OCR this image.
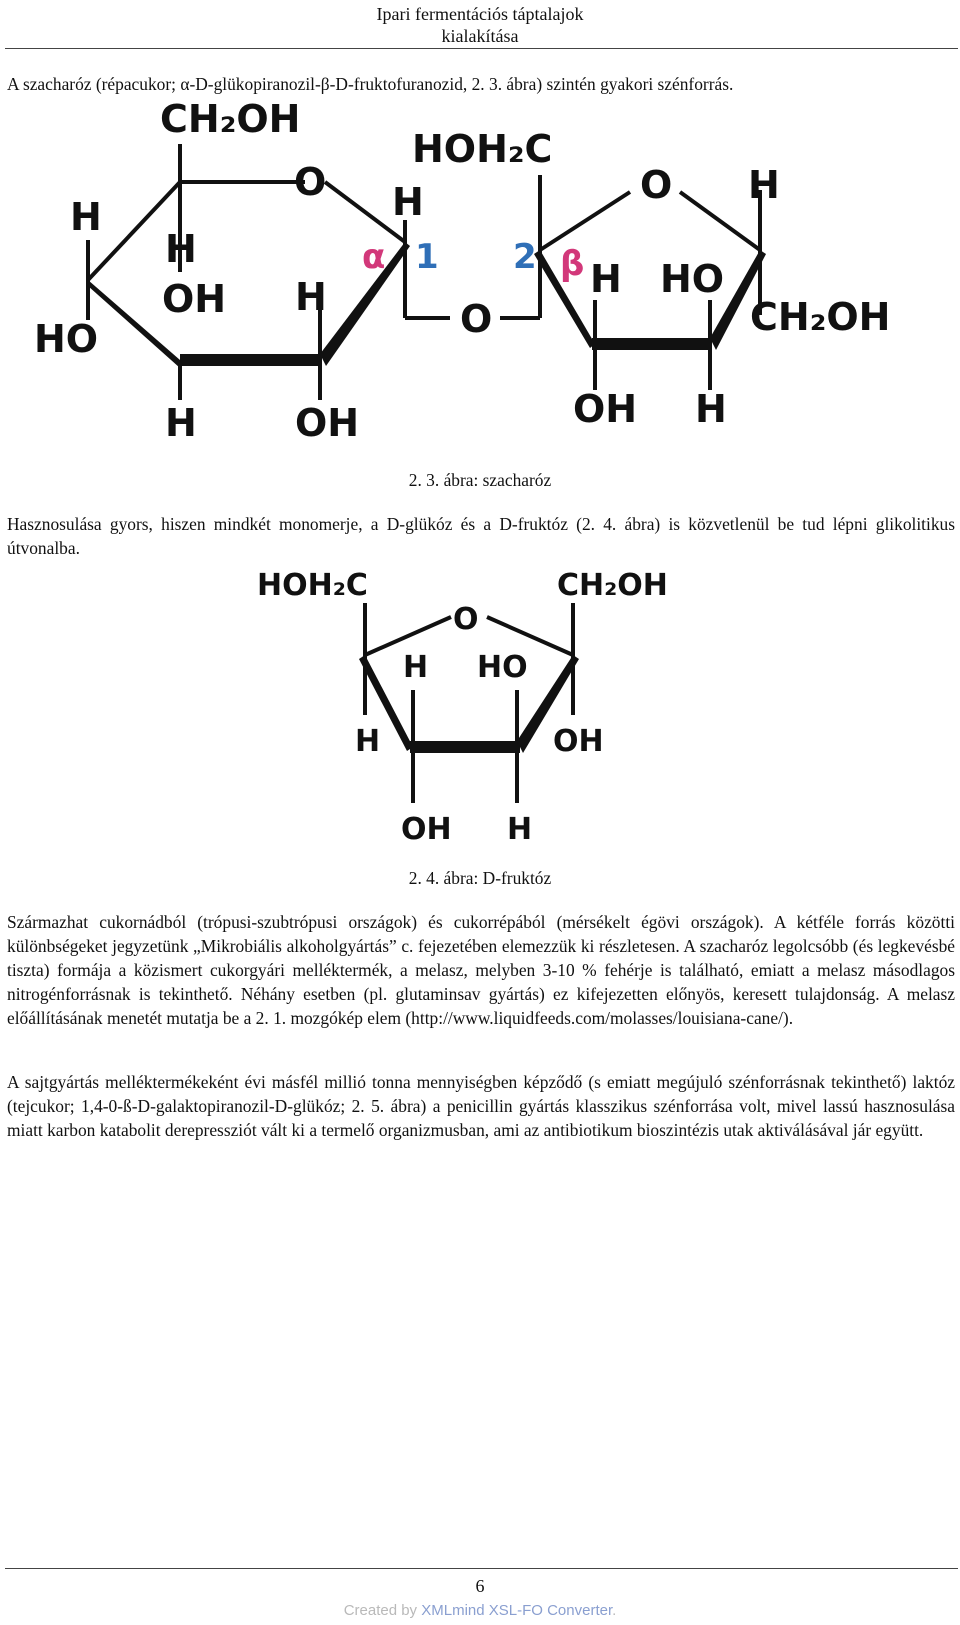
Ipari fermentációs táptalajok
kialakítása

A szacharóz (répacukor; α-D-glükopiranozil-β-D-fruktofuranozid, 2. 3. ábra) szintén gyakori szénforrás.

CH₂OH
O
H
H
OH
HO
H
H	OH
H
O
HOH₂C
O H
H HO
CH₂OH
OH H
α 1 2 β
2. 3. ábra: szacharóz

Hasznosulása gyors, hiszen mindkét monomerje, a D-glükóz és a D-fruktóz (2. 4. ábra) is közvetlenül be tud lépni glikolitikus útvonalba.

HOH₂C	CH₂OH
O
H HO
H	OH
OH H
2. 4. ábra: D-fruktóz

Származhat cukornádból (trópusi-szubtrópusi országok) és cukorrépából (mérsékelt égövi országok). A kétféle forrás közötti különbségeket jegyzetünk „Mikrobiális alkoholgyártás” c. fejezetében elemezzük ki részletesen. A szacharóz legolcsóbb (és legkevésbé tiszta) formája a közismert cukorgyári melléktermék, a melasz, melyben 3-10 % fehérje is található, emiatt a melasz másodlagos nitrogénforrásnak is tekinthető. Néhány esetben (pl. glutaminsav gyártás) ez kifejezetten előnyös, keresett tulajdonság. A melasz előállításának menetét mutatja be a 2. 1. mozgókép elem (http://www.liquidfeeds.com/molasses/louisiana-cane/).

A sajtgyártás melléktermékeként évi másfél millió tonna mennyiségben képződő (s emiatt megújuló szénforrásnak tekinthető) laktóz (tejcukor; 1,4-0-ß-D-galaktopiranozil-D-glükóz; 2. 5. ábra) a penicillin gyártás klasszikus szénforrása volt, mivel lassú hasznosulása miatt karbon katabolit derepressziót vált ki a termelő organizmusban, ami az antibiotikum bioszintézis utak aktiválásával jár együtt.

6
Created by XMLmind XSL-FO Converter.
